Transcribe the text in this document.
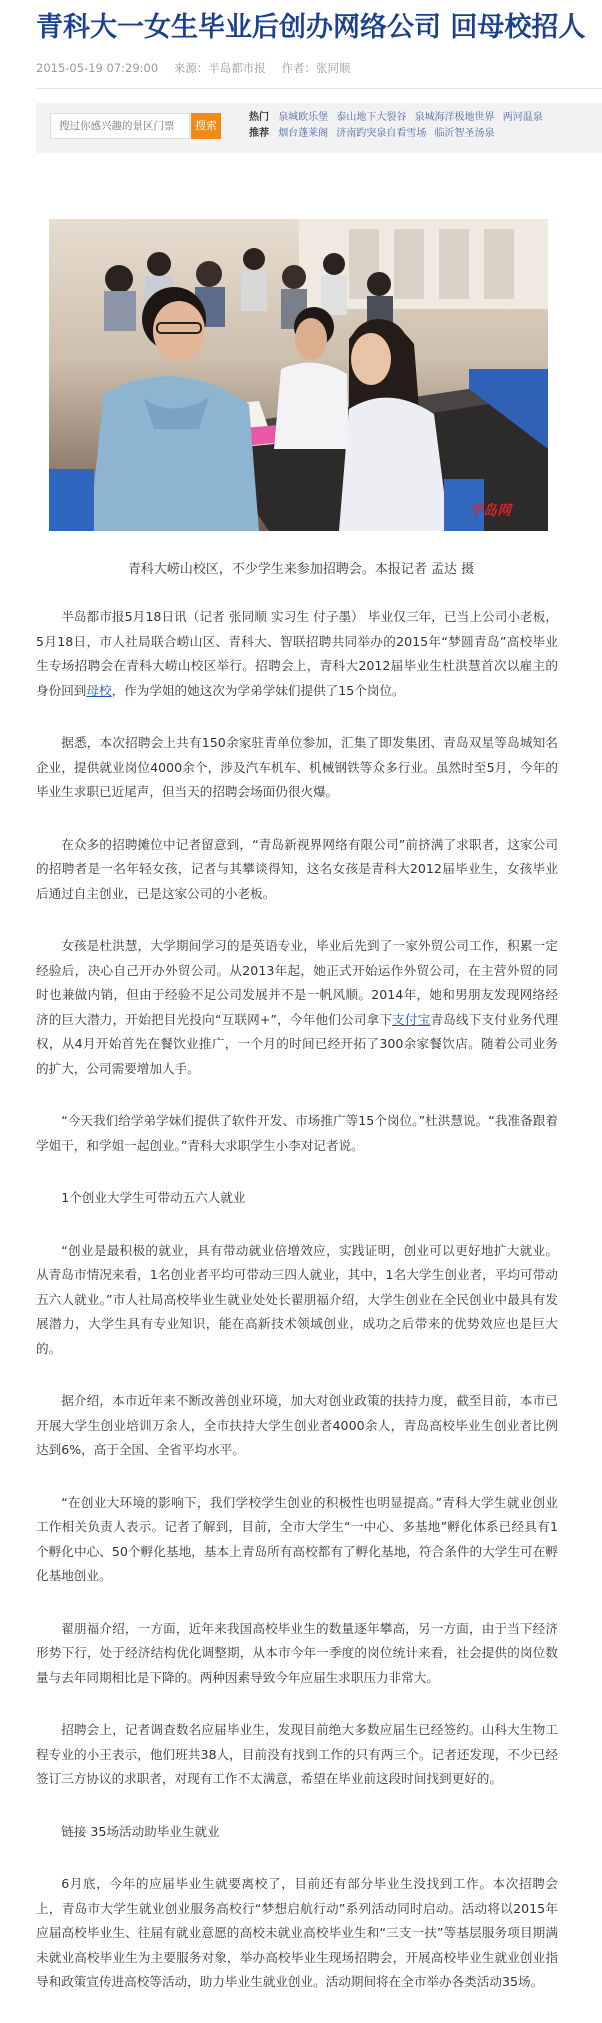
青科大一女生毕业后创办网络公司 回母校招人
2015-05-19 07:29:00 来源：半岛都市报 作者：张同顺
搜过你感兴趣的景区门票
搜索
热门 泉城欧乐堡 泰山地下大裂谷 泉城海洋极地世界 两河温泉
推荐 烟台蓬莱阁 济南趵突泉自看雪场 临沂智圣汤泉
半岛网
青科大崂山校区，不少学生来参加招聘会。本报记者 孟达 摄

半岛都市报5月18日讯（记者 张同顺 实习生 付子墨） 毕业仅三年，已当上公司小老板，5月18日，市人社局联合崂山区、青科大、智联招聘共同举办的2015年“梦圆青岛”高校毕业生专场招聘会在青科大崂山校区举行。招聘会上，青科大2012届毕业生杜洪慧首次以雇主的身份回到母校，作为学姐的她这次为学弟学妹们提供了15个岗位。

据悉，本次招聘会上共有150余家驻青单位参加，汇集了即发集团、青岛双星等岛城知名企业，提供就业岗位4000余个，涉及汽车机车、机械钢铁等众多行业。虽然时至5月，今年的毕业生求职已近尾声，但当天的招聘会场面仍很火爆。

在众多的招聘摊位中记者留意到，“青岛新视界网络有限公司”前挤满了求职者，这家公司的招聘者是一名年轻女孩，记者与其攀谈得知，这名女孩是青科大2012届毕业生，女孩毕业后通过自主创业，已是这家公司的小老板。

女孩是杜洪慧，大学期间学习的是英语专业，毕业后先到了一家外贸公司工作，积累一定经验后，决心自己开办外贸公司。从2013年起，她正式开始运作外贸公司，在主营外贸的同时也兼做内销，但由于经验不足公司发展并不是一帆风顺。2014年，她和男朋友发现网络经济的巨大潜力，开始把目光投向“互联网+”，今年他们公司拿下支付宝青岛线下支付业务代理权，从4月开始首先在餐饮业推广，一个月的时间已经开拓了300余家餐饮店。随着公司业务的扩大，公司需要增加人手。

“今天我们给学弟学妹们提供了软件开发、市场推广等15个岗位。”杜洪慧说。“我准备跟着学姐干，和学姐一起创业。”青科大求职学生小李对记者说。

1个创业大学生可带动五六人就业

“创业是最积极的就业，具有带动就业倍增效应，实践证明，创业可以更好地扩大就业。从青岛市情况来看，1名创业者平均可带动三四人就业，其中，1名大学生创业者，平均可带动五六人就业。”市人社局高校毕业生就业处处长翟朋福介绍，大学生创业在全民创业中最具有发展潜力，大学生具有专业知识，能在高新技术领域创业，成功之后带来的优势效应也是巨大的。

据介绍，本市近年来不断改善创业环境，加大对创业政策的扶持力度，截至目前，本市已开展大学生创业培训万余人，全市扶持大学生创业者4000余人，青岛高校毕业生创业者比例达到6%，高于全国、全省平均水平。

“在创业大环境的影响下，我们学校学生创业的积极性也明显提高。”青科大学生就业创业工作相关负责人表示。记者了解到，目前，全市大学生“一中心、多基地”孵化体系已经具有1个孵化中心、50个孵化基地，基本上青岛所有高校都有了孵化基地，符合条件的大学生可在孵化基地创业。

翟朋福介绍，一方面，近年来我国高校毕业生的数量逐年攀高，另一方面，由于当下经济形势下行，处于经济结构优化调整期，从本市今年一季度的岗位统计来看，社会提供的岗位数量与去年同期相比是下降的。两种因素导致今年应届生求职压力非常大。

招聘会上，记者调查数名应届毕业生，发现目前绝大多数应届生已经签约。山科大生物工程专业的小王表示，他们班共38人，目前没有找到工作的只有两三个。记者还发现，不少已经签订三方协议的求职者，对现有工作不太满意，希望在毕业前这段时间找到更好的。

链接 35场活动助毕业生就业

6月底，今年的应届毕业生就要离校了，目前还有部分毕业生没找到工作。本次招聘会上，青岛市大学生就业创业服务高校行“梦想启航行动”系列活动同时启动。活动将以2015年应届高校毕业生、往届有就业意愿的高校未就业高校毕业生和“三支一扶”等基层服务项目期满未就业高校毕业生为主要服务对象，举办高校毕业生现场招聘会，开展高校毕业生就业创业指导和政策宣传进高校等活动，助力毕业生就业创业。活动期间将在全市举办各类活动35场。
